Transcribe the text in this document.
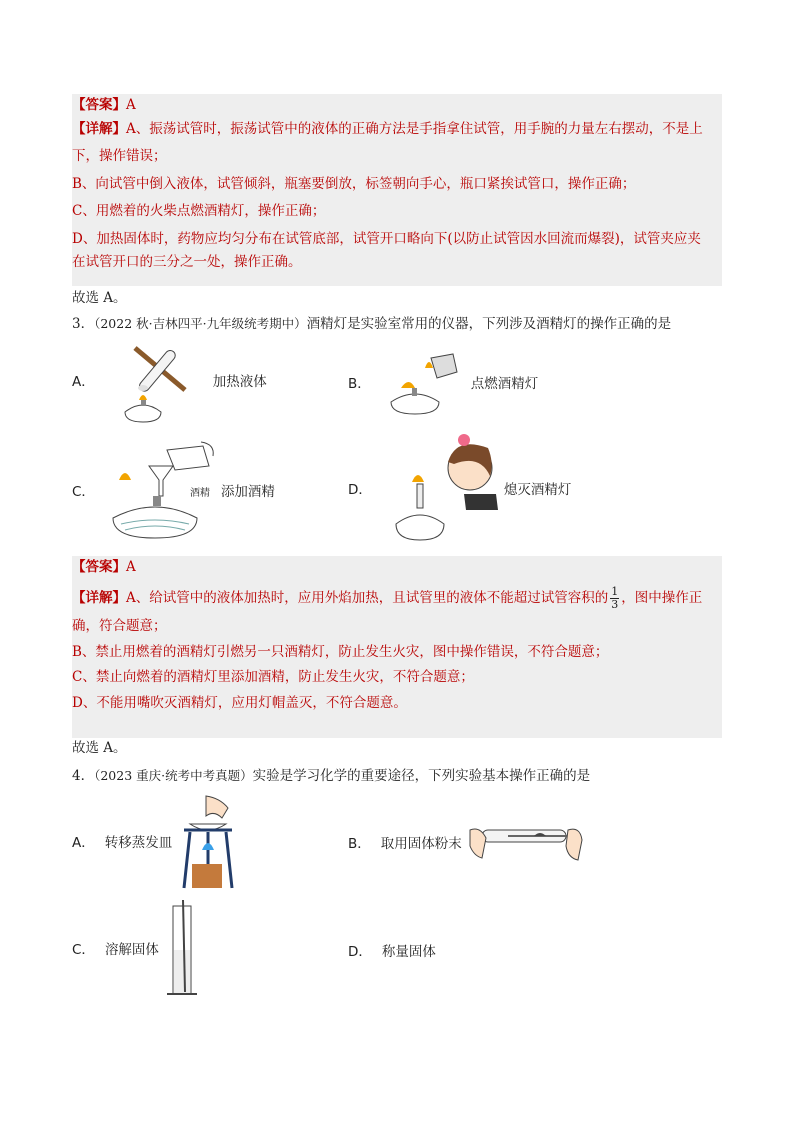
【答案】A
【详解】A、振荡试管时，振荡试管中的液体的正确方法是手指拿住试管，用手腕的力量左右摆动，不是上
下，操作错误；
B、向试管中倒入液体，试管倾斜，瓶塞要倒放，标签朝向手心，瓶口紧挨试管口，操作正确；
C、用燃着的火柴点燃酒精灯，操作正确；
D、加热固体时，药物应均匀分布在试管底部，试管开口略向下(以防止试管因水回流而爆裂)，试管夹应夹
在试管开口的三分之一处，操作正确。
故选 A。
3．（2022 秋·吉林四平·九年级统考期中）酒精灯是实验室常用的仪器，下列涉及酒精灯的操作正确的是
A．	加热液体	B．	点燃酒精灯
C．	酒精 添加酒精	D．	熄灭酒精灯
【答案】A
【详解】A、给试管中的液体加热时，应用外焰加热，且试管里的液体不能超过试管容积的 $\frac{1}{3}$ ，图中操作正
确，符合题意；
B、禁止用燃着的酒精灯引燃另一只酒精灯，防止发生火灾，图中操作错误，不符合题意；
C、禁止向燃着的酒精灯里添加酒精，防止发生火灾，不符合题意；
D、不能用嘴吹灭酒精灯，应用灯帽盖灭，不符合题意。
故选 A。
4．（2023 重庆·统考中考真题）实验是学习化学的重要途径，下列实验基本操作正确的是
A． 转移蒸发皿	B． 取用固体粉末
C． 溶解固体	D． 称量固体
